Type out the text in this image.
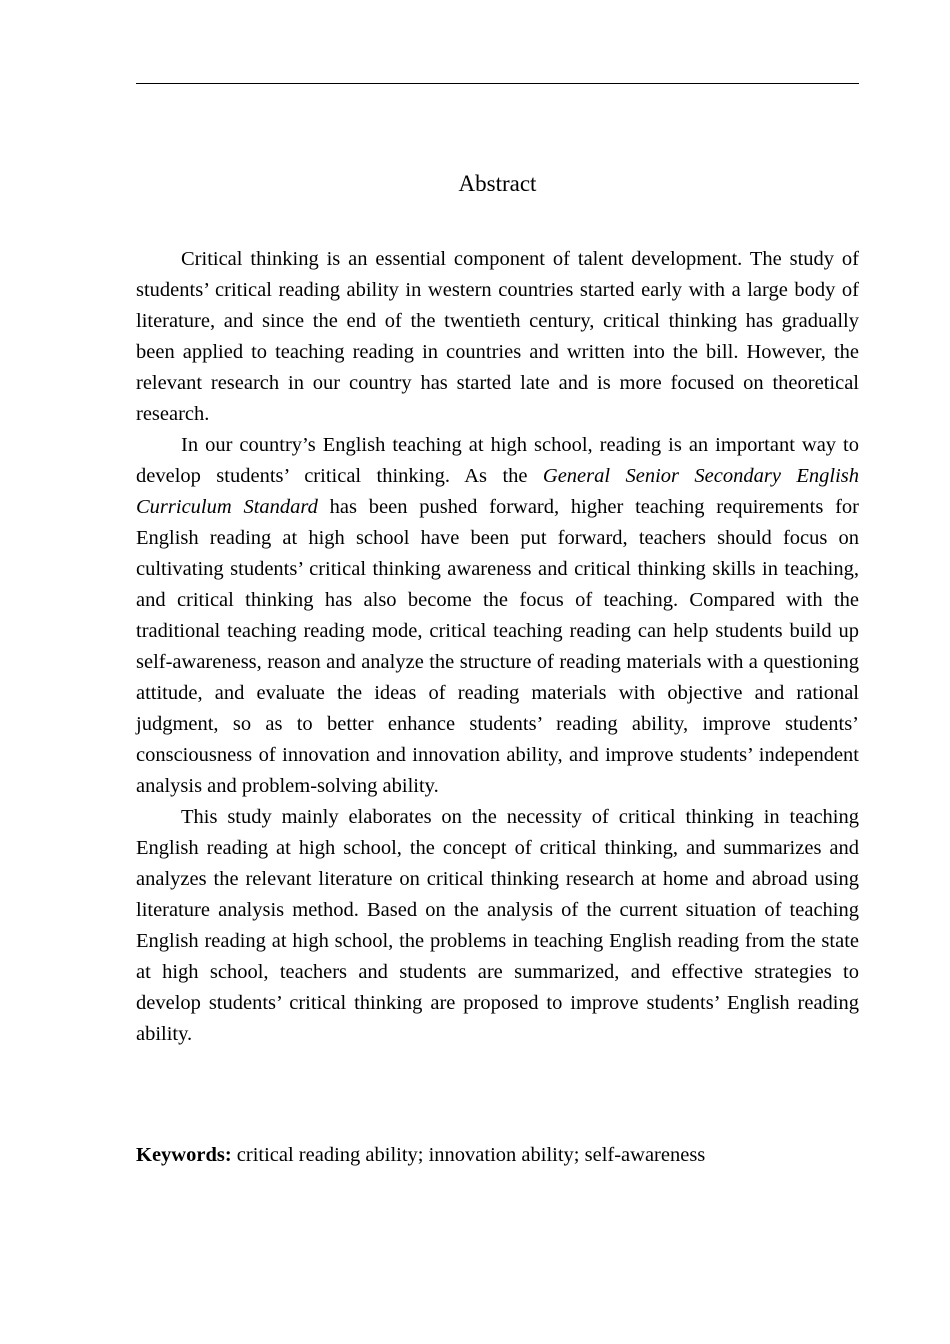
Abstract

Critical thinking is an essential component of talent development. The study of students’ critical reading ability in western countries started early with a large body of literature, and since the end of the twentieth century, critical thinking has gradually been applied to teaching reading in countries and written into the bill. However, the relevant research in our country has started late and is more focused on theoretical research.

In our country’s English teaching at high school, reading is an important way to develop students’ critical thinking. As the General Senior Secondary English Curriculum Standard has been pushed forward, higher teaching requirements for English reading at high school have been put forward, teachers should focus on cultivating students’ critical thinking awareness and critical thinking skills in teaching, and critical thinking has also become the focus of teaching. Compared with the traditional teaching reading mode, critical teaching reading can help students build up self-awareness, reason and analyze the structure of reading materials with a questioning attitude, and evaluate the ideas of reading materials with objective and rational judgment, so as to better enhance students’ reading ability, improve students’ consciousness of innovation and innovation ability, and improve students’ independent analysis and problem-solving ability.

This study mainly elaborates on the necessity of critical thinking in teaching English reading at high school, the concept of critical thinking, and summarizes and analyzes the relevant literature on critical thinking research at home and abroad using literature analysis method. Based on the analysis of the current situation of teaching English reading at high school, the problems in teaching English reading from the state at high school, teachers and students are summarized, and effective strategies to develop students’ critical thinking are proposed to improve students’ English reading ability.

Keywords: critical reading ability; innovation ability; self-awareness
